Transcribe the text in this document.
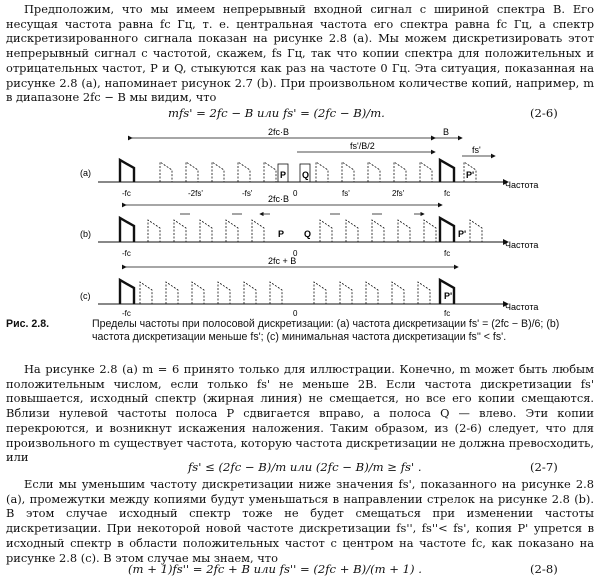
Предположим, что мы имеем непрерывный входной сигнал с шириной спектра B. Его несущая частота равна fc Гц, т. е. центральная частота его спектра равна fc Гц, а спектр дискретизированного сигнала показан на рисунке 2.8 (а). Мы можем дискретизировать этот непрерывный сигнал с частотой, скажем, fs Гц, так что копии спектра для положительных и отрицательных частот, P и Q, стыкуются как раз на частоте 0 Гц. Эта ситуация, показанная на рисунке 2.8 (а), напоминает рисунок 2.7 (b). При произвольном количестве копий, например, m в диапазоне 2fc − B мы видим, что

mfs' = 2fc − B или fs' = (2fc − B)/m.	(2-6)
(a)
2fc·B	B
fs'/B/2	fs'
Частота
P Q	P'
-fc	-2fs'	-fs'	0	fs'	2fs'	fc
(b)
2fc·B
Частота
P Q	P'
-fc	0	fc
(c)
2fc + B
Частота
P'
-fc	0	fc
Рис. 2.8.	Пределы частоты при полосовой дискретизации: (a) частота дискретизации fs' = (2fc − B)/6; (b) частота дискретизации меньше fs'; (c) минимальная частота дискретизации fs'' < fs'.

На рисунке 2.8 (а) m = 6 принято только для иллюстрации. Конечно, m может быть любым положительным числом, если только fs' не меньше 2B. Если частота дискретизации fs' повышается, исходный спектр (жирная линия) не смещается, но все его копии смещаются. Вблизи нулевой частоты полоса P сдвигается вправо, а полоса Q — влево. Эти копии перекроются, и возникнут искажения наложения. Таким образом, из (2-6) следует, что для произвольного m существует частота, которую частота дискретизации не должна превосходить, или

fs' ≤ (2fc − B)/m или (2fc − B)/m ≥ fs' .	(2-7)

Если мы уменьшим частоту дискретизации ниже значения fs', показанного на рисунке 2.8 (а), промежутки между копиями будут уменьшаться в направлении стрелок на рисунке 2.8 (b). В этом случае исходный спектр тоже не будет смещаться при изменении частоты дискретизации. При некоторой новой частоте дискретизации fs'', fs''< fs', копия P' упрется в исходный спектр в области положительных частот с центром на частоте fc, как показано на рисунке 2.8 (с). В этом случае мы знаем, что

(m + 1)fs'' = 2fc + B или fs'' = (2fc + B)/(m + 1) .	(2-8)
